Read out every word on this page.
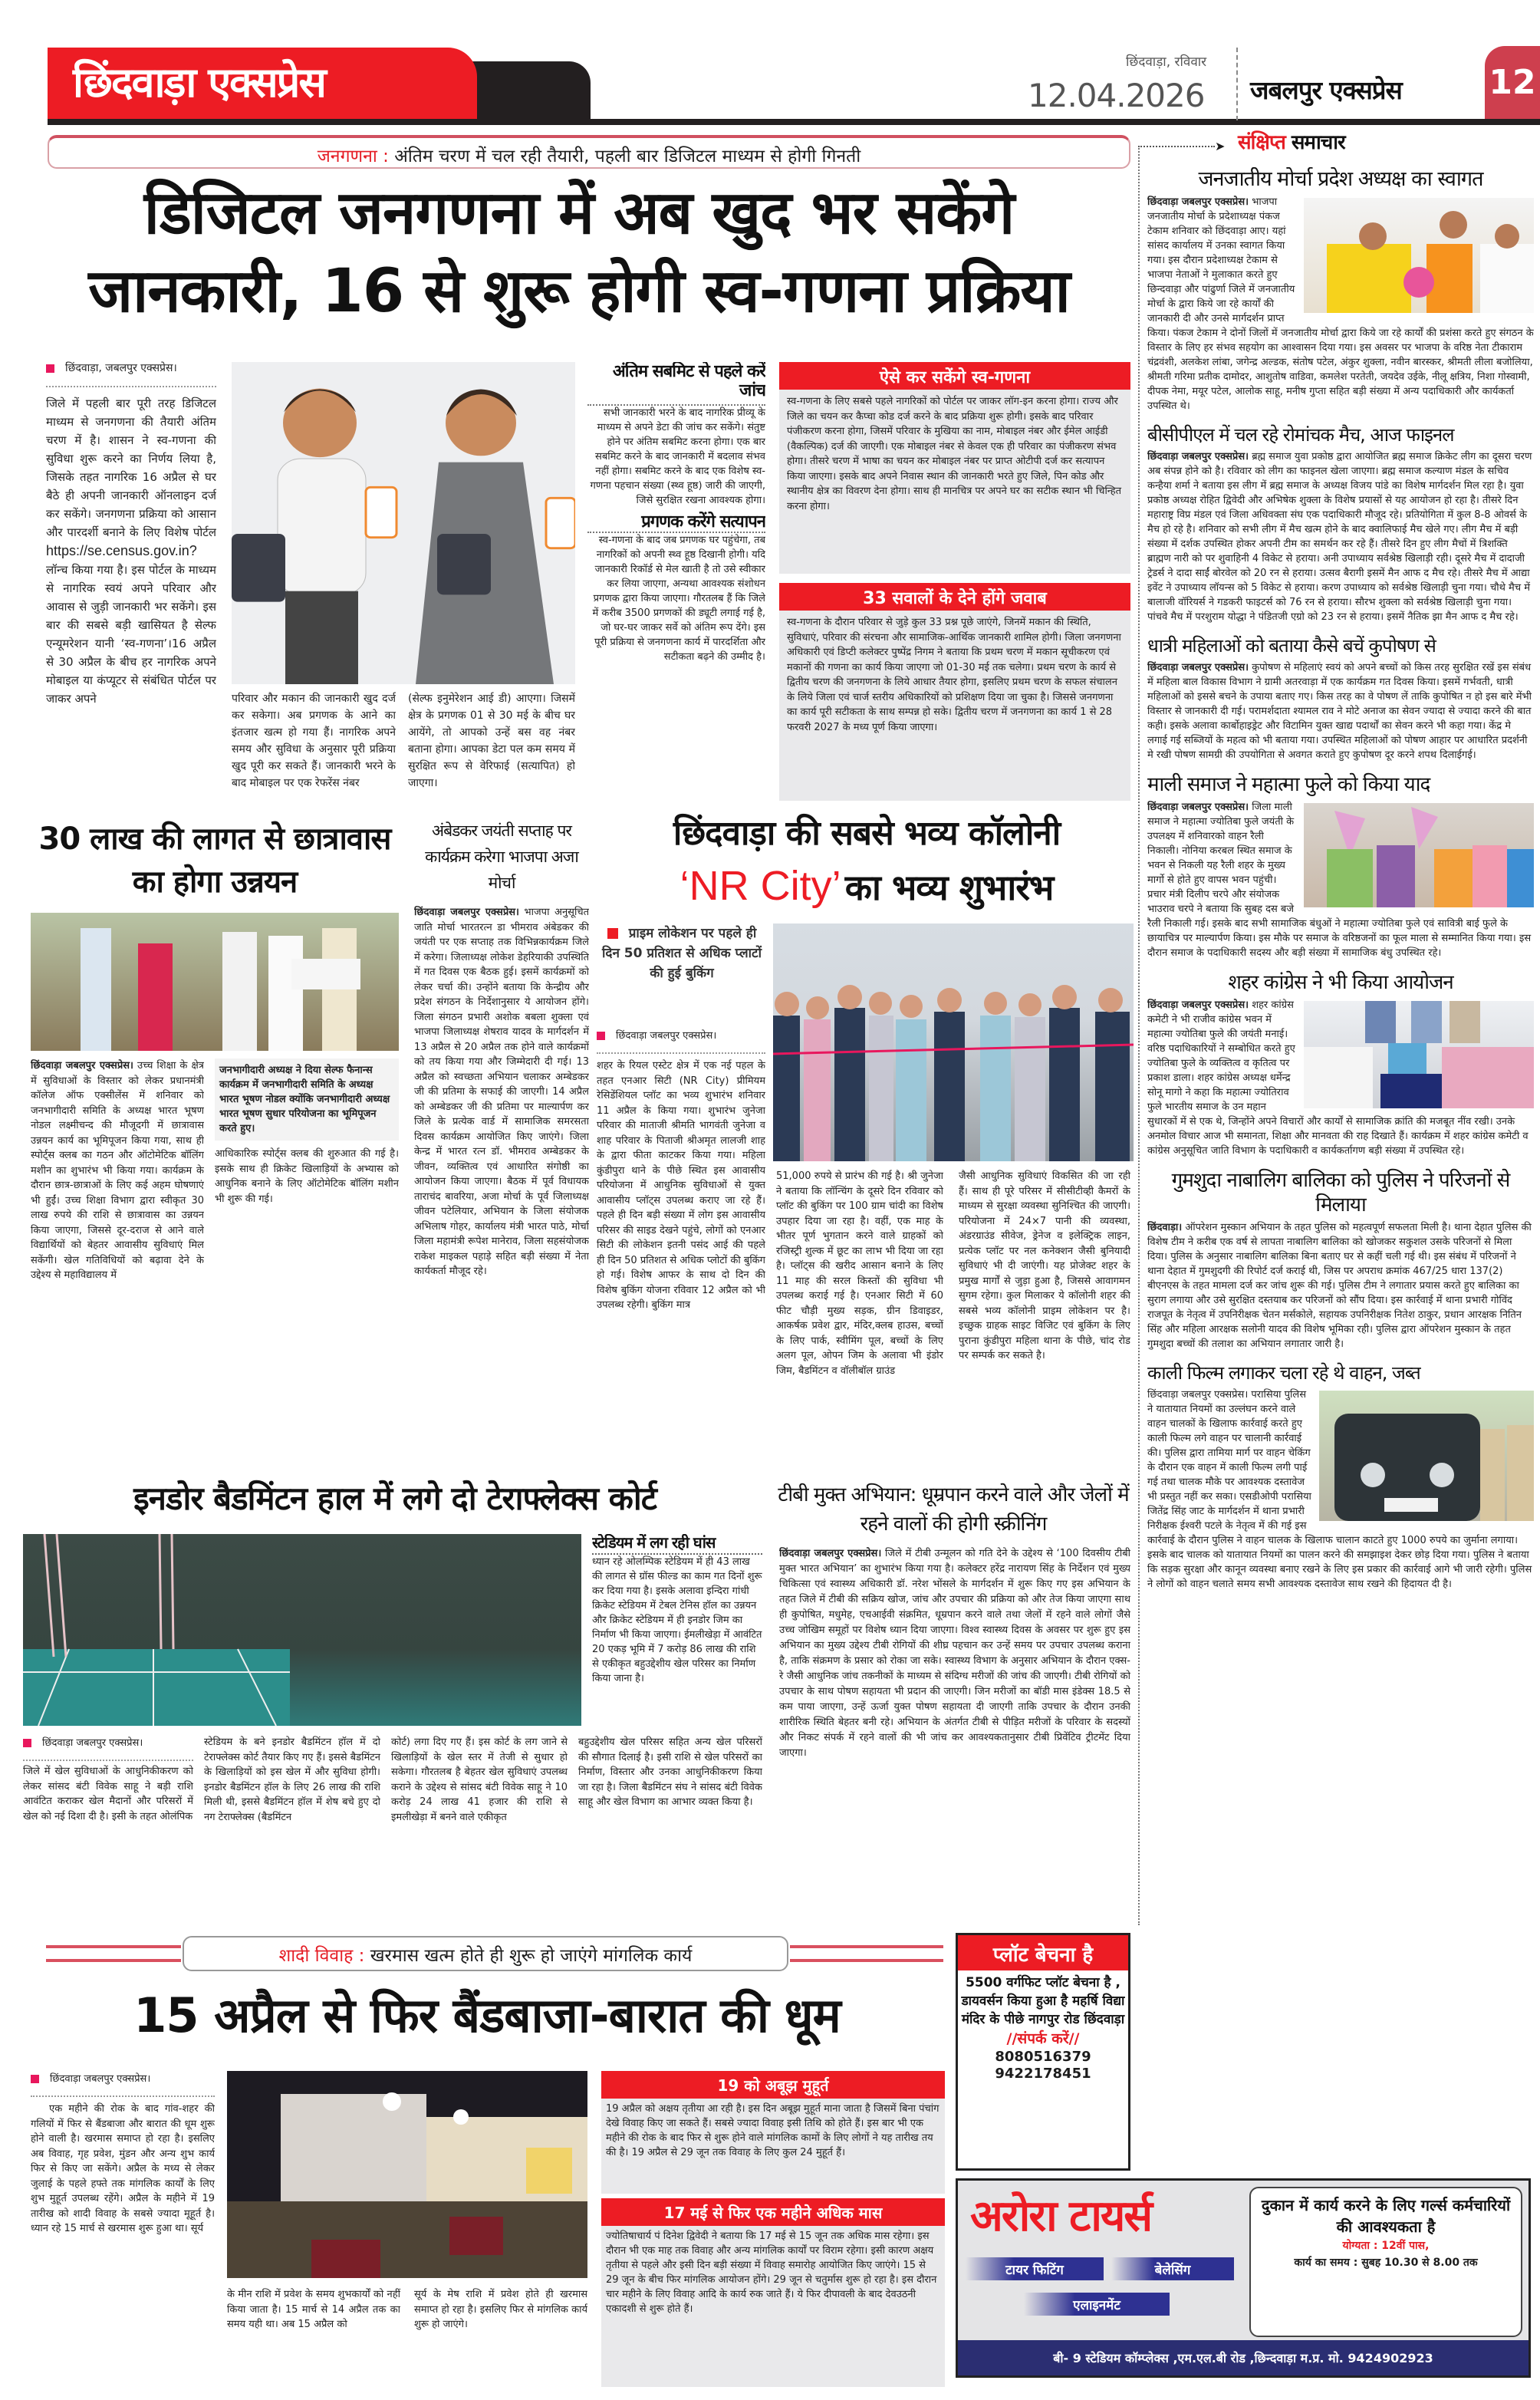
छिंदवाड़ा एक्सप्रेस	छिंदवाड़ा, रविवार
12.04.2026 जबलपुर एक्सप्रेस	12
जनगणना : अंतिम चरण में चल रही तैयारी, पहली बार डिजिटल माध्यम से होगी गिनती
डिजिटल जनगणना में अब खुद भर सकेंगे
जानकारी, 16 से शुरू होगी स्व-गणना प्रक्रिया
छिंदवाड़ा, जबलपुर एक्सप्रेस।
जिले में पहली बार पूरी तरह डिजिटल माध्यम से जनगणना की तैयारी अंतिम चरण में है। शासन ने स्व-गणना की सुविधा शुरू करने का निर्णय लिया है, जिसके तहत नागरिक 16 अप्रैल से घर बैठे ही अपनी जानकारी ऑनलाइन दर्ज कर सकेंगे। जनगणना प्रक्रिया को आसान और पारदर्शी बनाने के लिए विशेष पोर्टल https://se.census.gov.in? लॉन्च किया गया है। इस पोर्टल के माध्यम से नागरिक स्वयं अपने परिवार और आवास से जुड़ी जानकारी भर सकेंगे। इस बार की सबसे बड़ी खासियत है सेल्फ एन्यूमरेशन यानी ‘स्व-गणना’।16 अप्रैल से 30 अप्रैल के बीच हर नागरिक अपने मोबाइल या कंप्यूटर से संबंधित पोर्टल पर जाकर अपने	परिवार और मकान की जानकारी खुद दर्ज कर सकेगा। अब प्रगणक के आने का इंतजार खत्म हो गया हैं। नागरिक अपने समय और सुविधा के अनुसार पूरी प्रक्रिया खुद पूरी कर सकते हैं। जानकारी भरने के बाद मोबाइल पर एक रेफरेंस नंबर
(सेल्फ इनुमेरेशन आई डी) आएगा। जिसमें क्षेत्र के प्रगणक 01 से 30 मई के बीच घर आयेंगे, तो आपको उन्हें बस वह नंबर बताना होगा। आपका डेटा पल कम समय में सुरक्षित रूप से वेरिफाई (सत्यापित) हो जाएगा।
अंतिम सबमिट से पहले करें जांच
सभी जानकारी भरने के बाद नागरिक प्रीव्यू के माध्यम से अपने डेटा की जांच कर सकेंगे। संतुष्ट होने पर अंतिम सबमिट करना होगा। एक बार सबमिट करने के बाद जानकारी में बदलाव संभव नहीं होगा। सबमिट करने के बाद एक विशेष स्व-गणना पहचान संख्या (स्थ्व हूष्ठ) जारी की जाएगी, जिसे सुरक्षित रखना आवश्यक होगा।
प्रगणक करेंगे सत्यापन
स्व-गणना के बाद जब प्रगणक घर पहुंचेगा, तब नागरिकों को अपनी स्थ्व हूष्ठ दिखानी होगी। यदि जानकारी रिकॉर्ड से मेल खाती है तो उसे स्वीकार कर लिया जाएगा, अन्यथा आवश्यक संशोधन प्रगणक द्वारा किया जाएगा। गौरतलब हैं कि जिले में करीब 3500 प्रगणकों की ड्यूटी लगाई गई है, जो घर-घर जाकर सर्वे को अंतिम रूप देंगे। इस पूरी प्रक्रिया से जनगणना कार्य में पारदर्शिता और सटीकता बढ़ने की उम्मीद है।
ऐसे कर सकेंगे स्व-गणना
स्व-गणना के लिए सबसे पहले नागरिकों को पोर्टल पर जाकर लॉग-इन करना होगा। राज्य और जिले का चयन कर कैप्चा कोड दर्ज करने के बाद प्रक्रिया शुरू होगी। इसके बाद परिवार पंजीकरण करना होगा, जिसमें परिवार के मुखिया का नाम, मोबाइल नंबर और ईमेल आईडी (वैकल्पिक) दर्ज की जाएगी। एक मोबाइल नंबर से केवल एक ही परिवार का पंजीकरण संभव होगा। तीसरे चरण में भाषा का चयन कर मोबाइल नंबर पर प्राप्त ओटीपी दर्ज कर सत्यापन किया जाएगा। इसके बाद अपने निवास स्थान की जानकारी भरते हुए जिले, पिन कोड और स्थानीय क्षेत्र का विवरण देना होगा। साथ ही मानचित्र पर अपने घर का सटीक स्थान भी चिन्हित करना होगा।
33 सवालों के देने होंगे जवाब
स्व-गणना के दौरान परिवार से जुड़े कुल 33 प्रश्न पूछे जाएंगे, जिनमें मकान की स्थिति, सुविधाएं, परिवार की संरचना और सामाजिक-आर्थिक जानकारी शामिल होगी। जिला जनगणना अधिकारी एवं डिप्टी कलेक्टर पुष्पेंद्र निगम ने बताया कि प्रथम चरण में मकान सूचीकरण एवं मकानों की गणना का कार्य किया जाएगा जो 01-30 मई तक चलेगा। प्रथम चरण के कार्य से द्वितीय चरण की जनगणना के लिये आधार तैयार होगा, इसलिए प्रथम चरण के सफल संचालन के लिये जिला एवं चार्ज स्तरीय अधिकारियों को प्रशिक्षण दिया जा चुका है। जिससे जनगणना का कार्य पूरी सटीकता के साथ सम्पन्न हो सके। द्वितीय चरण में जनगणना का कार्य 1 से 28 फरवरी 2027 के मध्य पूर्ण किया जाएगा।
30 लाख की लागत से छात्रावास का होगा उन्नयन
छिंदवाड़ा जबलपुर एक्सप्रेस। उच्च शिक्षा के क्षेत्र में सुविधाओं के विस्तार को लेकर प्रधानमंत्री कॉलेज ऑफ एक्सीलेंस में शनिवार को जनभागीदारी समिति के अध्यक्ष भारत भूषण नोडल लक्ष्मीचन्द की मौजूदगी में छात्रावास उन्नयन कार्य का भूमिपूजन किया गया, साथ ही स्पोर्ट्स क्लब का गठन और ऑटोमेटिक बॉलिंग मशीन का शुभारंभ भी किया गया। कार्यक्रम के दौरान छात्र-छात्राओं के लिए कई अहम घोषणाएं भी हुईं। उच्च शिक्षा विभाग द्वारा स्वीकृत 30 लाख रुपये की राशि से छात्रावास का उन्नयन किया जाएगा, जिससे दूर-दराज से आने वाले विद्यार्थियों को बेहतर आवासीय सुविधाएं मिल सकेंगी। खेल गतिविधियों को बढ़ावा देने के उद्देश्य से महाविद्यालय में
जनभागीदारी अध्यक्ष ने दिया सेल्फ फैनान्स कार्यक्रम में जनभागीदारी समिति के अध्यक्ष भारत भूषण नोडल क्योंकि जनभागीदारी अध्यक्ष भारत भूषण सुधार परियोजना का भूमिपूजन करते हुए।
आधिकारिक स्पोर्ट्स क्लब की शुरुआत की गई है। इसके साथ ही क्रिकेट खिलाड़ियों के अभ्यास को आधुनिक बनाने के लिए ऑटोमेटिक बॉलिंग मशीन भी शुरू की गई।
अंबेडकर जयंती सप्ताह पर कार्यक्रम करेगा भाजपा अजा मोर्चा
छिंदवाड़ा जबलपुर एक्सप्रेस। भाजपा अनुसूचित जाति मोर्चा भारतरत्न डा भीमराव अंबेडकर की जयंती पर एक सप्ताह तक विभिन्नकार्यक्रम जिले में करेगा। जिलाध्यक्ष लोकेश डेहरियाकी उपस्थिति में गत दिवस एक बैठक हुई। इसमें कार्यक्रमों को लेकर चर्चा की। उन्होंने बताया कि केन्द्रीय और प्रदेश संगठन के निर्देशानुसार ये आयोजन होंगे। जिला संगठन प्रभारी अशोक बबला शुक्ला एवं भाजपा जिलाध्यक्ष शेषराव यादव के मार्गदर्शन में 13 अप्रैल से 20 अप्रैल तक होने वाले कार्यक्रमों को तय किया गया और जिम्मेदारी दी गई। 13 अप्रैल को स्वच्छता अभियान चलाकर अम्बेडकर जी की प्रतिमा के सफाई की जाएगी। 14 अप्रैल को अम्बेडकर जी की प्रतिमा पर माल्यार्पण कर जिले के प्रत्येक वार्ड में सामाजिक समरसता दिवस कार्यक्रम आयोजित किए जाएंगे। जिला केन्द्र में भारत रत्न डॉ. भीमराव अम्बेडकर के जीवन, व्यक्तित्व एवं आधारित संगोष्ठी का आयोजन किया जाएगा। बैठक में पूर्व विधायक ताराचंद बावरिया, अजा मोर्चा के पूर्व जिलाध्यक्ष जीवन पटेलियार, अभियान के जिला संयोजक अभिलाष गोहर, कार्यालय मंत्री भारत पाठे, मोर्चा जिला महामंत्री रूपेश मानेराव, जिला सहसंयोजक राकेश माइकल पहाड़े सहित बड़ी संख्या में नेता कार्यकर्ता मौजूद रहे।
छिंदवाड़ा की सबसे भव्य कॉलोनी
‘NR City’ का भव्य शुभारंभ
प्राइम लोकेशन पर पहले ही दिन 50 प्रतिशत से अधिक प्लाटों की हुई बुकिंग
छिंदवाड़ा जबलपुर एक्सप्रेस।
शहर के रियल एस्टेट क्षेत्र में एक नई पहल के तहत एनआर सिटी (NR City) प्रीमियम रेसिडेंशियल प्लॉट का भव्य शुभारंभ शनिवार 11 अप्रैल के किया गया। शुभारंभ जुनेजा परिवार की माताजी श्रीमति भागवंती जुनेजा व शाह परिवार के पिताजी श्रीअमृत लालजी शाह के द्वारा फीता काटकर किया गया। महिला कुंडीपुरा थाने के पीछे स्थित इस आवासीय परियोजना में आधुनिक सुविधाओं से युक्त आवासीय प्लॉट्स उपलब्ध कराए जा रहे हैं। पहले ही दिन बड़ी संख्या में लोग इस आवासीय परिसर की साइड देखने पहुंचे, लोगों को एनआर सिटी की लोकेशन इतनी पसंद आई की पहले ही दिन 50 प्रतिशत से अधिक प्लोटों की बुकिंग हो गई। विशेष आफर के साथ दो दिन की विशेष बुकिंग योजना रविवार 12 अप्रैल को भी उपलब्ध रहेगी। बुकिंग मात्र
51,000 रुपये से प्रारंभ की गई है। श्री जुनेजा ने बताया कि लॉन्चिंग के दूसरे दिन रविवार को प्लॉट की बुकिंग पर 100 ग्राम चांदी का विशेष उपहार दिया जा रहा है। वहीं, एक माह के भीतर पूर्ण भुगतान करने वाले ग्राहकों को रजिस्ट्री शुल्क में छूट का लाभ भी दिया जा रहा है। प्लॉट्स की खरीद आसान बनाने के लिए 11 माह की सरल किस्तों की सुविधा भी उपलब्ध कराई गई है। एनआर सिटी में 60 फीट चौड़ी मुख्य सड़क, ग्रीन डिवाइडर, आकर्षक प्रवेश द्वार, मंदिर,क्लब हाउस, बच्चों के लिए पार्क, स्वीमिंग पूल, बच्चों के लिए अलग पूल, ओपन जिम के अलावा भी इंडोर जिम, बैडमिंटन व वॉलीबॉल ग्राउंड
जैसी आधुनिक सुविधाएं विकसित की जा रही हैं। साथ ही पूरे परिसर में सीसीटीव्ही कैमरों के माध्यम से सुरक्षा व्यवस्था सुनिश्चित की जाएगी। परियोजना में 24×7 पानी की व्यवस्था, अंडरग्राउंड सीवेज, ड्रेनेज व इलेक्ट्रिक लाइन, प्रत्येक प्लॉट पर नल कनेक्शन जैसी बुनियादी सुविधाएं भी दी जाएंगी। यह प्रोजेक्ट शहर के प्रमुख मार्गों से जुड़ा हुआ है, जिससे आवागमन सुगम रहेगा। कुल मिलाकर ये कॉलोनी शहर की सबसे भव्य कॉलोनी प्राइम लोकेशन पर है। इच्छुक ग्राहक साइट विजिट एवं बुकिंग के लिए पुराना कुंडीपुरा महिला थाना के पीछे, चांद रोड पर सम्पर्क कर सकते है।
इनडोर बैडमिंटन हाल में लगे दो टेराफ्लेक्स कोर्ट
स्टेडियम में लग रही घांस
ध्यान रहे ओलम्पिक स्टेडियम में ही 43 लाख की लागत से ग्रॉस फील्ड का काम गत दिनों शुरू कर दिया गया है। इसके अलावा इन्दिरा गांधी क्रिकेट स्टेडियम में टेबल टेनिस हॉल का उन्नयन और क्रिकेट स्टेडियम में ही इनडोर जिम का निर्माण भी किया जाएगा। ईमलीखेड़ा में आवंटित 20 एकड़ भूमि में 7 करोड़ 86 लाख की राशि से एकीकृत बहुउद्देशीय खेल परिसर का निर्माण किया जाना है।
छिंदवाड़ा जबलपुर एक्सप्रेस।
जिले में खेल सुविधाओं के आधुनिकीकरण को लेकर सांसद बंटी विवेक साहू ने बड़ी राशि आवंटित कराकर खेल मैदानों और परिसरों में खेल को नई दिशा दी है। इसी के तहत ओलंपिक
स्टेडियम के बने इनडोर बैडमिंटन हॉल में दो टेराफ्लेक्स कोर्ट तैयार किए गए हैं। इससे बैडमिंटन के खिलाड़ियों को इस खेल में और सुविधा होगी। इनडोर बैडमिंटन हॉल के लिए 26 लाख की राशि मिली थी, इससे बैडमिंटन हॉल में शेष बचे हुए दो नग टेराफ्लेक्स (बैडमिंटन
कोर्ट) लगा दिए गए हैं। इस कोर्ट के लग जाने से खिलाड़ियों के खेल स्तर में तेजी से सुधार हो सकेगा। गौरतलब है बेहतर खेल सुविधाएं उपलब्ध कराने के उद्देश्य से सांसद बंटी विवेक साहू ने 10 करोड़ 24 लाख 41 हजार की राशि से इमलीखेड़ा में बनने वाले एकीकृत
बहुउद्देशीय खेल परिसर सहित अन्य खेल परिसरों की सौगात दिलाई है। इसी राशि से खेल परिसरों का निर्माण, विस्तार और उनका आधुनिकीकरण किया जा रहा है। जिला बैडमिंटन संघ ने सांसद बंटी विवेक साहू और खेल विभाग का आभार व्यक्त किया है।
टीबी मुक्त अभियान: धूम्रपान करने वाले और जेलों में रहने वालों की होगी स्क्रीनिंग
छिंदवाड़ा जबलपुर एक्सप्रेस। जिले में टीबी उन्मूलन को गति देने के उद्देश्य से ‘100 दिवसीय टीबी मुक्त भारत अभियान’ का शुभारंभ किया गया है। कलेक्टर हरेंद्र नारायण सिंह के निर्देशन एवं मुख्य चिकित्सा एवं स्वास्थ्य अधिकारी डॉ. नरेश भोंसले के मार्गदर्शन में शुरू किए गए इस अभियान के तहत जिले में टीबी की सक्रिय खोज, जांच और उपचार की प्रक्रिया को और तेज किया जाएगा साथ ही कुपोषित, मधुमेह, एचआईवी संक्रमित, धूम्रपान करने वाले तथा जेलों में रहने वाले लोगों जैसे उच्च जोखिम समूहों पर विशेष ध्यान दिया जाएगा। विश्व स्वास्थ्य दिवस के अवसर पर शुरू हुए इस अभियान का मुख्य उद्देश्य टीबी रोगियों की शीघ्र पहचान कर उन्हें समय पर उपचार उपलब्ध कराना है, ताकि संक्रमण के प्रसार को रोका जा सके। स्वास्थ्य विभाग के अनुसार अभियान के दौरान एक्स-रे जैसी आधुनिक जांच तकनीकों के माध्यम से संदिग्ध मरीजों की जांच की जाएगी। टीबी रोगियों को उपचार के साथ पोषण सहायता भी प्रदान की जाएगी। जिन मरीजों का बॉडी मास इंडेक्स 18.5 से कम पाया जाएगा, उन्हें ऊर्जा युक्त पोषण सहायता दी जाएगी ताकि उपचार के दौरान उनकी शारीरिक स्थिति बेहतर बनी रहे। अभियान के अंतर्गत टीबी से पीड़ित मरीजों के परिवार के सदस्यों और निकट संपर्क में रहने वालों की भी जांच कर आवश्यकतानुसार टीबी प्रिवेंटिव ट्रीटमेंट दिया जाएगा।
शादी विवाह : खरमास खत्म होते ही शुरू हो जाएंगे मांगलिक कार्य
15 अप्रैल से फिर बैंडबाजा-बारात की धूम
छिंदवाड़ा जबलपुर एक्सप्रेस।
एक महीने की रोक के बाद गांव-शहर की गलियों में फिर से बैंडबाजा और बारात की धूम शुरू होने वाली है। खरमास समाप्त हो रहा है। इसलिए अब विवाह, गृह प्रवेश, मुंडन और अन्य शुभ कार्य फिर से किए जा सकेंगे। अप्रैल के मध्य से लेकर जुलाई के पहले हफ्ते तक मांगलिक कार्यों के लिए शुभ मुहूर्त उपलब्ध रहेंगे। अप्रैल के महीने में 19 तारीख को शादी विवाह के सबसे ज्यादा मूहूर्त है। ध्यान रहे 15 मार्च से खरमास शुरू हुआ था। सूर्य
के मीन राशि में प्रवेश के समय शुभकार्यों को नहीं किया जाता है। 15 मार्च से 14 अप्रैल तक का समय यही था। अब 15 अप्रैल को
सूर्य के मेष राशि में प्रवेश होते ही खरमास समाप्त हो रहा है। इसलिए फिर से मांगलिक कार्य शुरू हो जाएंगे।
19 को अबूझ मुहूर्त
19 अप्रैल को अक्षय तृतीया आ रही है। इस दिन अबूझ मुहूर्त माना जाता है जिसमें बिना पंचांग देखे विवाह किए जा सकते हैं। सबसे ज्यादा विवाह इसी तिथि को होते हैं। इस बार भी एक महीने की रोक के बाद फिर से शुरू होने वाले मांगलिक कामों के लिए लोगों ने यह तारीख तय की है। 19 अप्रैल से 29 जून तक विवाह के लिए कुल 24 मुहूर्त हैं।
17 मई से फिर एक महीने अधिक मास
ज्योतिषाचार्य पं दिनेश द्विवेदी ने बताया कि 17 मई से 15 जून तक अधिक मास रहेगा। इस दौरान भी एक माह तक विवाह और अन्य मांगलिक कार्यों पर विराम रहेगा। इसी कारण अक्षय तृतीया से पहले और इसी दिन बड़ी संख्या में विवाह समारोह आयोजित किए जाएंगे। 15 से 29 जून के बीच फिर मांगलिक आयोजन होंगे। 29 जून से चतुर्मास शुरू हो रहा है। इस दौरान चार महीने के लिए विवाह आदि के कार्य रुक जाते हैं। ये फिर दीपावली के बाद देवउठनी एकादशी से शुरू होते हैं।
प्लॉट बेचना है
5500 वर्गफिट प्लॉट बेचना है , डायवर्सन किया हुआ है महर्षि विद्या मंदिर के पीछे नागपुर रोड छिंदवाड़ा
//संपर्क करें//
8080516379
9422178451
अरोरा टायर्स
टायर फिटिंग	बेलेसिंग
एलाइनमेंट
दुकान में कार्य करने के लिए गर्ल्स कर्मचारियों की आवश्यकता है
योग्यता : 12वीं पास,
कार्य का समय : सुबह 10.30 से 8.00 तक
बी- 9 स्टेडियम कॉम्प्लेक्स ,एम.एल.बी रोड ,छिन्दवाड़ा म.प्र. मो. 9424902923
➤ संक्षिप्त समाचार
जनजातीय मोर्चा प्रदेश अध्यक्ष का स्वागत
छिंदवाड़ा जबलपुर एक्सप्रेस। भाजपा जनजातीय मोर्चा के प्रदेशाध्यक्ष पंकज टेकाम शनिवार को छिंदवाड़ा आए। यहां सांसद कार्यालय में उनका स्वागत किया गया। इस दौरान प्रदेशाध्यक्ष टेकाम से भाजपा नेताओं ने मुलाकात करते हुए छिन्दवाड़ा और पांढुर्णा जिले में जनजातीय मोर्चा के द्वारा किये जा रहे कार्यों की जानकारी दी और उनसे मार्गदर्शन प्राप्त किया। पंकज टेकाम ने दोनों जिलों में जनजातीय मोर्चा द्वारा किये जा रहे कार्यों की प्रशंसा करते हुए संगठन के विस्तार के लिए हर संभव सहयोग का आश्वासन दिया गया। इस अवसर पर भाजपा के वरिष्ठ नेता टीकाराम चंद्रवंशी, अलकेश लांबा, जगेन्द्र अल्डक, संतोष पटेल, अंकुर शुक्ला, नवीन बारस्कर, श्रीमती लीला बजोलिया, श्रीमती गरिमा प्रतीक दामोदर, आशुतोष वाडिवा, कमलेश परतेती, जयदेव उईके, नीलू क्षत्रिय, निशा गोस्वामी, दीपक नेमा, मयूर पटेल, आलोक साहू, मनीष गुप्ता सहित बड़ी संख्या में अन्य पदाधिकारी और कार्यकर्ता उपस्थित थे।
बीसीपीएल में चल रहे रोमांचक मैच, आज फाइनल
छिंदवाड़ा जबलपुर एक्सप्रेस। ब्रह्म समाज युवा प्रकोष्ठ द्वारा आयोजित ब्रह्म समाज क्रिकेट लीग का दूसरा चरण अब संपन्न होने को है। रविवार को लीग का फाइनल खेला जाएगा। ब्रह्म समाज कल्याण मंडल के सचिव कन्हैया शर्मा ने बताया इस लीग में ब्रह्म समाज के अध्यक्ष विजय पांडे का विशेष मार्गदर्शन मिल रहा है। युवा प्रकोष्ठ अध्यक्ष रोहित द्विवेदी और अभिषेक शुक्ला के विशेष प्रयासों से यह आयोजन हो रहा है। तीसरे दिन महाराष्ट्र विप्र मंडल एवं जिला अधिवक्ता संघ एक पदाधिकारी मौजूद रहे। प्रतियोगिता में कुल 8-8 ओवर्स के मैच हो रहे है। शनिवार को सभी लीग में मैच खत्म होने के बाद क्वालिफाई मैच खेले गए। लीग मैच में बड़ी संख्या में दर्शक उपस्थित होकर अपनी टीम का समर्थन कर रहे हैं। तीसरे दिन हुए लीग मैचों में त्रिशक्ति ब्राह्मण नारी को पर शुवाहिनी 4 विकेट से हराया। अनी उपाध्याय सर्वश्रेष्ठ खिलाड़ी रही। दूसरे मैच में दादाजी ट्रेडर्स ने दादा साईं बोरवेल को 20 रन से हराया। उत्सव बैरागी इसमें मैन आफ द मैच रहे। तीसरे मैच में आद्या इवेंट ने उपाध्याय लॉयन्स को 5 विकेट से हराया। करण उपाध्याय को सर्वश्रेष्ठ खिलाड़ी चुना गया। चौथे मैच में बालाजी वॉरियर्स ने गडकरी फाइटर्स को 76 रन से हराया। सौरभ शुक्ला को सर्वश्रेष्ठ खिलाड़ी चुना गया। पांचवे मैच में परशुराम योद्धा ने पंडितजी एग्रो को 23 रन से हराया। इसमें नैतिक झा मैन आफ द मैच रहे।
धात्री महिलाओं को बताया कैसे बचें कुपोषण से
छिंदवाड़ा जबलपुर एक्सप्रेस। कुपोषण से महिलाएं स्वयं को अपने बच्चों को किस तरह सुरक्षित रखें इस संबंध में महिला बाल विकास विभाग ने ग्रामी अतरवाड़ा में एक कार्यक्रम गत दिवस किया। इसमें गर्भवती, धात्री महिलाओं को इससे बचने के उपाया बताए गए। किस तरह का वे पोषण लें ताकि कुपोषित न हो इस बारे मेंभी विस्तार से जानकारी दी गई। परामर्शदाता श्यामल राव ने मोटे अनाज का सेवन ज्यादा से ज्यादा करने की बात कही। इसके अलावा कार्बोहाइड्रेट और विटामिन युक्त खाद्य पदार्थों का सेवन करने भी कहा गया। केंद्र मे लगाई गई सब्जियों के महत्व को भी बताया गया। उपस्थित महिलाओं को पोषण आहार पर आधारित प्रदर्शनी मे रखी पोषण सामग्री की उपयोगिता से अवगत कराते हुए कुपोषण दूर करने शपथ दिलाईगई।
माली समाज ने महात्मा फुले को किया याद
छिंदवाड़ा जबलपुर एक्सप्रेस। जिला माली समाज ने महात्मा ज्योतिबा फुले जयंती के उपलक्ष्य में शनिवारको वाहन रैली निकाली। नोनिया करबल स्थित समाज के भवन से निकली यह रैली शहर के मुख्य मार्गो से होते हुए वापस भवन पहुंची। प्रचार मंत्री दिलीप चरपे और संयोजक भाउराव चरपे ने बताया कि सुबह दस बजे रैली निकाली गई। इसके बाद सभी सामाजिक बंधुओं ने महात्मा ज्योतिबा फुले एवं सावित्री बाई फुले के छायाचित्र पर माल्यार्पण किया। इस मौके पर समाज के वरिष्ठजनों का फूल माला से सम्मानित किया गया। इस दौरान समाज के पदाधिकारी सदस्य और बड़ी संख्या में सामाजिक बंधु उपस्थित रहे।
शहर कांग्रेस ने भी किया आयोजन
छिंदवाड़ा जबलपुर एक्सप्रेस। शहर कांग्रेस कमेटी ने भी राजीव कांग्रेस भवन में महात्मा ज्योतिबा फुले की जयंती मनाई। वरिष्ठ पदाधिकारियों ने सम्बोधित करते हुए ज्योतिबा फुले के व्यक्तित्व व कृतित्व पर प्रकाश डाला। शहर कांग्रेस अध्यक्ष धर्मेन्द्र सोनू मागो ने कहा कि महात्मा ज्योतिराव फुले भारतीय समाज के उन महान सुधारकों में से एक थे, जिन्होंने अपने विचारों और कार्यों से सामाजिक क्रांति की मजबूत नींव रखी। उनके अनमोल विचार आज भी समानता, शिक्षा और मानवता की राह दिखाते हैं। कार्यक्रम में शहर कांग्रेस कमेटी व कांग्रेस अनुसूचित जाति विभाग के पदाधिकारी व कार्यकर्तागण बड़ी संख्या में उपस्थित रहे।
गुमशुदा नाबालिग बालिका को पुलिस ने परिजनों से मिलाया
छिंदवाड़ा। ऑपरेशन मुस्कान अभियान के तहत पुलिस को महत्वपूर्ण सफलता मिली है। थाना देहात पुलिस की विशेष टीम ने करीब एक वर्ष से लापता नाबालिग बालिका को खोजकर सकुशल उसके परिजनों से मिला दिया। पुलिस के अनुसार नाबालिग बालिका बिना बताए घर से कहीं चली गई थी। इस संबंध में परिजनों ने थाना देहात में गुमशुदगी की रिपोर्ट दर्ज कराई थी, जिस पर अपराध क्रमांक 467/25 धारा 137(2) बीएनएस के तहत मामला दर्ज कर जांच शुरू की गई। पुलिस टीम ने लगातार प्रयास करते हुए बालिका का सुराग लगाया और उसे सुरक्षित दस्तयाब कर परिजनों को सौंप दिया। इस कार्रवाई में थाना प्रभारी गोविंद राजपूत के नेतृत्व में उपनिरीक्षक चेतन मर्सकोले, सहायक उपनिरीक्षक नितेश ठाकुर, प्रधान आरक्षक नितिन सिंह और महिला आरक्षक सलोनी यादव की विशेष भूमिका रही। पुलिस द्वारा ऑपरेशन मुस्कान के तहत गुमशुदा बच्चों की तलाश का अभियान लगातार जारी है।
काली फिल्म लगाकर चला रहे थे वाहन, जब्त
छिंदवाड़ा जबलपुर एक्सप्रेस। परासिया पुलिस ने यातायात नियमों का उल्लंघन करने वाले वाहन चालकों के खिलाफ कार्रवाई करते हुए काली फिल्म लगे वाहन पर चालानी कार्रवाई की। पुलिस द्वारा तामिया मार्ग पर वाहन चेकिंग के दौरान एक वाहन में काली फिल्म लगी पाई गई तथा चालक मौके पर आवश्यक दस्तावेज भी प्रस्तुत नहीं कर सका। एसडीओपी परासिया जितेंद्र सिंह जाट के मार्गदर्शन में थाना प्रभारी निरीक्षक ईश्वरी पटले के नेतृत्व में की गई इस कार्रवाई के दौरान पुलिस ने वाहन चालक के खिलाफ चालान काटते हुए 1000 रुपये का जुर्माना लगाया। इसके बाद चालक को यातायात नियमों का पालन करने की समझाइश देकर छोड़ दिया गया। पुलिस ने बताया कि सड़क सुरक्षा और कानून व्यवस्था बनाए रखने के लिए इस प्रकार की कार्रवाई आगे भी जारी रहेगी। पुलिस ने लोगों को वाहन चलाते समय सभी आवश्यक दस्तावेज साथ रखने की हिदायत दी है।
